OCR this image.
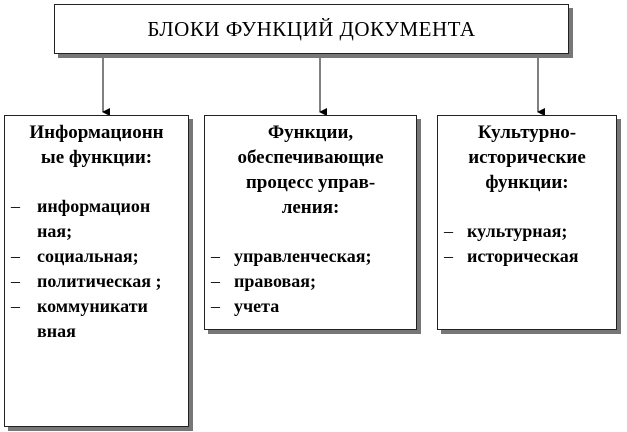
БЛОКИ ФУНКЦИЙ ДОКУМЕНТА
Информационн
ые функции:
– информацион ная;
– социальная;
– политическая ;
– коммуникати вная
Функции,
обеспечивающие
процесс управ-
ления:
– управленческая;
– правовая;
– учета
Культурно-
исторические
функции:
– культурная;
– историческая
